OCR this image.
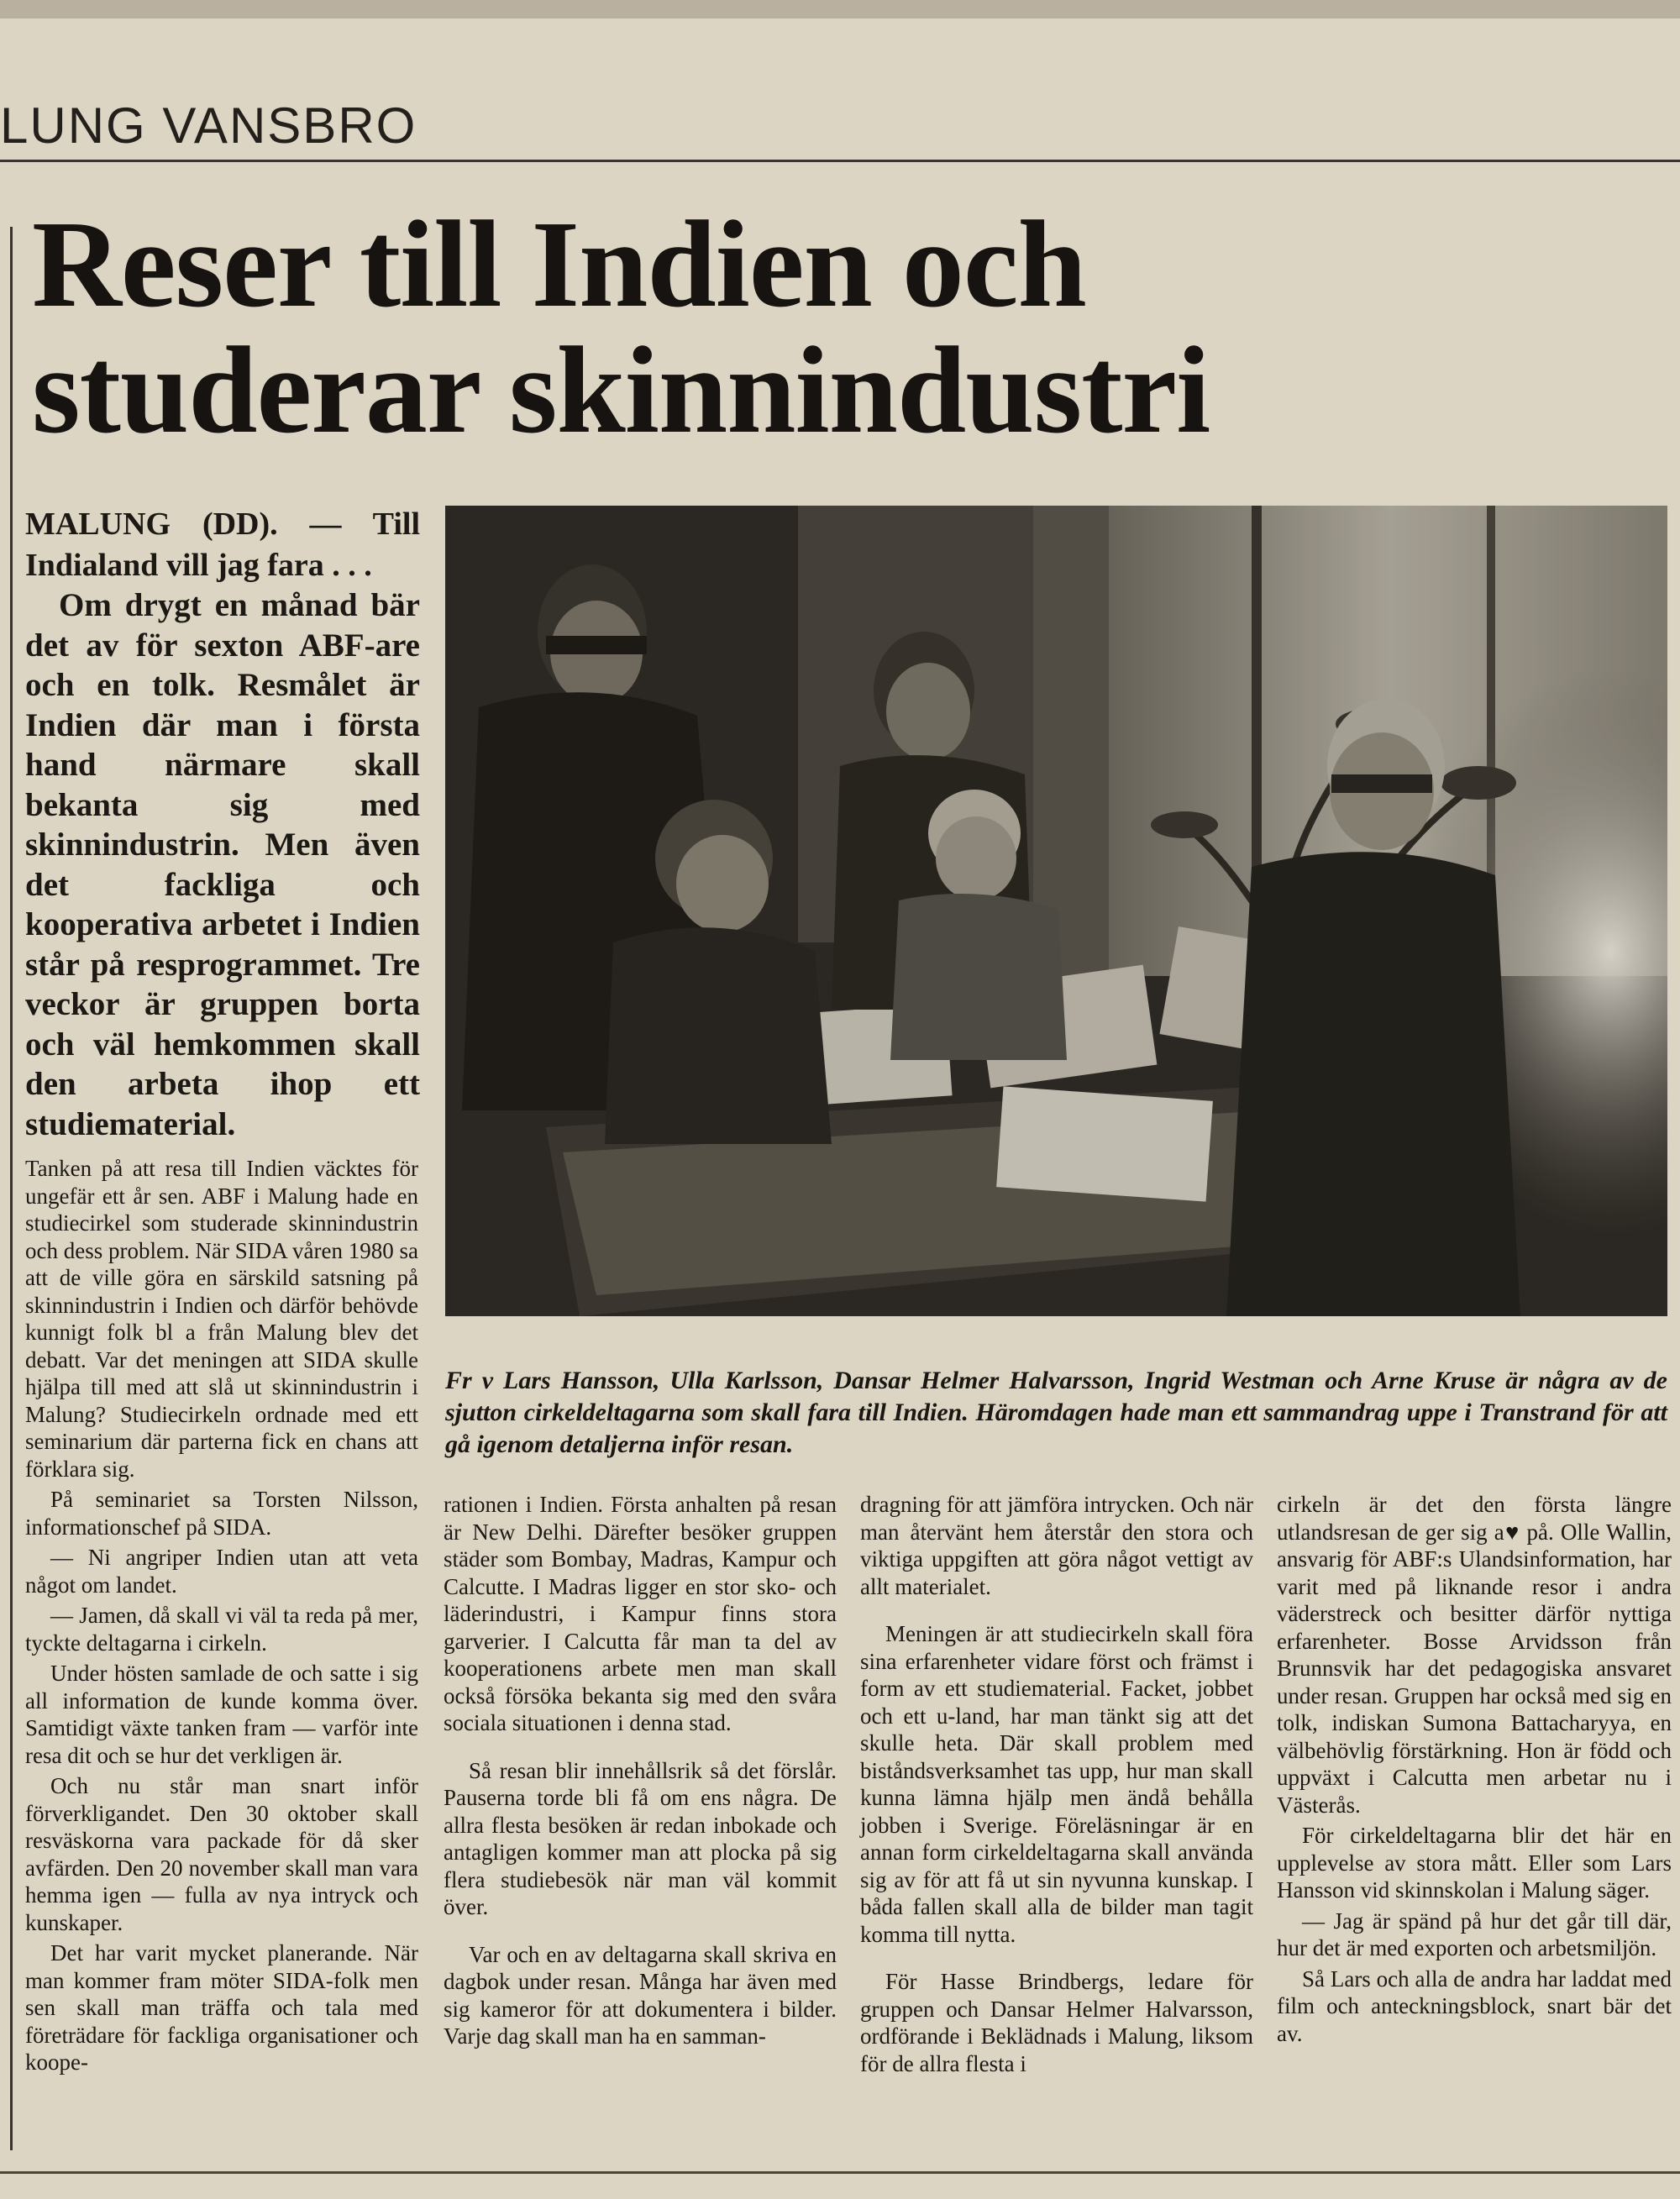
LUNG VANSBRO
Reser till Indien och
studerar skinnindustri
MALUNG (DD). — Till Indialand vill jag fara . . .
Om drygt en månad bär det av för sexton ABF-are och en tolk. Resmålet är Indien där man i första hand närmare skall bekanta sig med skinnindustrin. Men även det fackliga och kooperativa arbetet i Indien står på resprogrammet. Tre veckor är gruppen borta och väl hemkommen skall den arbeta ihop ett studiematerial.
Fr v Lars Hansson, Ulla Karlsson, Dansar Helmer Halvarsson, Ingrid Westman och Arne Kruse är några av de sjutton cirkeldeltagarna som skall fara till Indien. Häromdagen hade man ett sammandrag uppe i Transtrand för att gå igenom detaljerna inför resan.

Tanken på att resa till Indien väcktes för ungefär ett år sen. ABF i Malung hade en studiecirkel som studerade skinnindustrin och dess problem. När SIDA våren 1980 sa att de ville göra en särskild satsning på skinnindustrin i Indien och därför behövde kunnigt folk bl a från Malung blev det debatt. Var det meningen att SIDA skulle hjälpa till med att slå ut skinnindustrin i Malung? Studiecirkeln ordnade med ett seminarium där parterna fick en chans att förklara sig.

På seminariet sa Torsten Nilsson, informationschef på SIDA.

— Ni angriper Indien utan att veta något om landet.

— Jamen, då skall vi väl ta reda på mer, tyckte deltagarna i cirkeln.

Under hösten samlade de och satte i sig all information de kunde komma över. Samtidigt växte tanken fram — varför inte resa dit och se hur det verkligen är.

Och nu står man snart inför förverkligandet. Den 30 oktober skall resväskorna vara packade för då sker avfärden. Den 20 november skall man vara hemma igen — fulla av nya intryck och kunskaper.

Det har varit mycket planerande. När man kommer fram möter SIDA-folk men sen skall man träffa och tala med företrädare för fackliga organisationer och koope-

rationen i Indien. Första anhalten på resan är New Delhi. Därefter besöker gruppen städer som Bombay, Madras, Kampur och Calcutte. I Madras ligger en stor sko- och läderindustri, i Kampur finns stora garverier. I Calcutta får man ta del av kooperationens arbete men man skall också försöka bekanta sig med den svåra sociala situationen i denna stad.

Så resan blir innehållsrik så det förslår. Pauserna torde bli få om ens några. De allra flesta besöken är redan inbokade och antagligen kommer man att plocka på sig flera studiebesök när man väl kommit över.

Var och en av deltagarna skall skriva en dagbok under resan. Många har även med sig kameror för att dokumentera i bilder. Varje dag skall man ha en samman-

dragning för att jämföra intrycken. Och när man återvänt hem återstår den stora och viktiga uppgiften att göra något vettigt av allt materialet.

Meningen är att studiecirkeln skall föra sina erfarenheter vidare först och främst i form av ett studiematerial. Facket, jobbet och ett u-land, har man tänkt sig att det skulle heta. Där skall problem med biståndsverksamhet tas upp, hur man skall kunna lämna hjälp men ändå behålla jobben i Sverige. Föreläsningar är en annan form cirkeldeltagarna skall använda sig av för att få ut sin nyvunna kunskap. I båda fallen skall alla de bilder man tagit komma till nytta.

För Hasse Brindbergs, ledare för gruppen och Dansar Helmer Halvarsson, ordförande i Beklädnads i Malung, liksom för de allra flesta i

cirkeln är det den första längre utlandsresan de ger sig a♥ på. Olle Wallin, ansvarig för ABF:s Ulandsinformation, har varit med på liknande resor i andra väderstreck och besitter därför nyttiga erfarenheter. Bosse Arvidsson från Brunnsvik har det pedagogiska ansvaret under resan. Gruppen har också med sig en tolk, indiskan Sumona Battacharyya, en välbehövlig förstärkning. Hon är född och uppväxt i Calcutta men arbetar nu i Västerås.

För cirkeldeltagarna blir det här en upplevelse av stora mått. Eller som Lars Hansson vid skinnskolan i Malung säger.

— Jag är spänd på hur det går till där, hur det är med exporten och arbetsmiljön.

Så Lars och alla de andra har laddat med film och anteckningsblock, snart bär det av.
